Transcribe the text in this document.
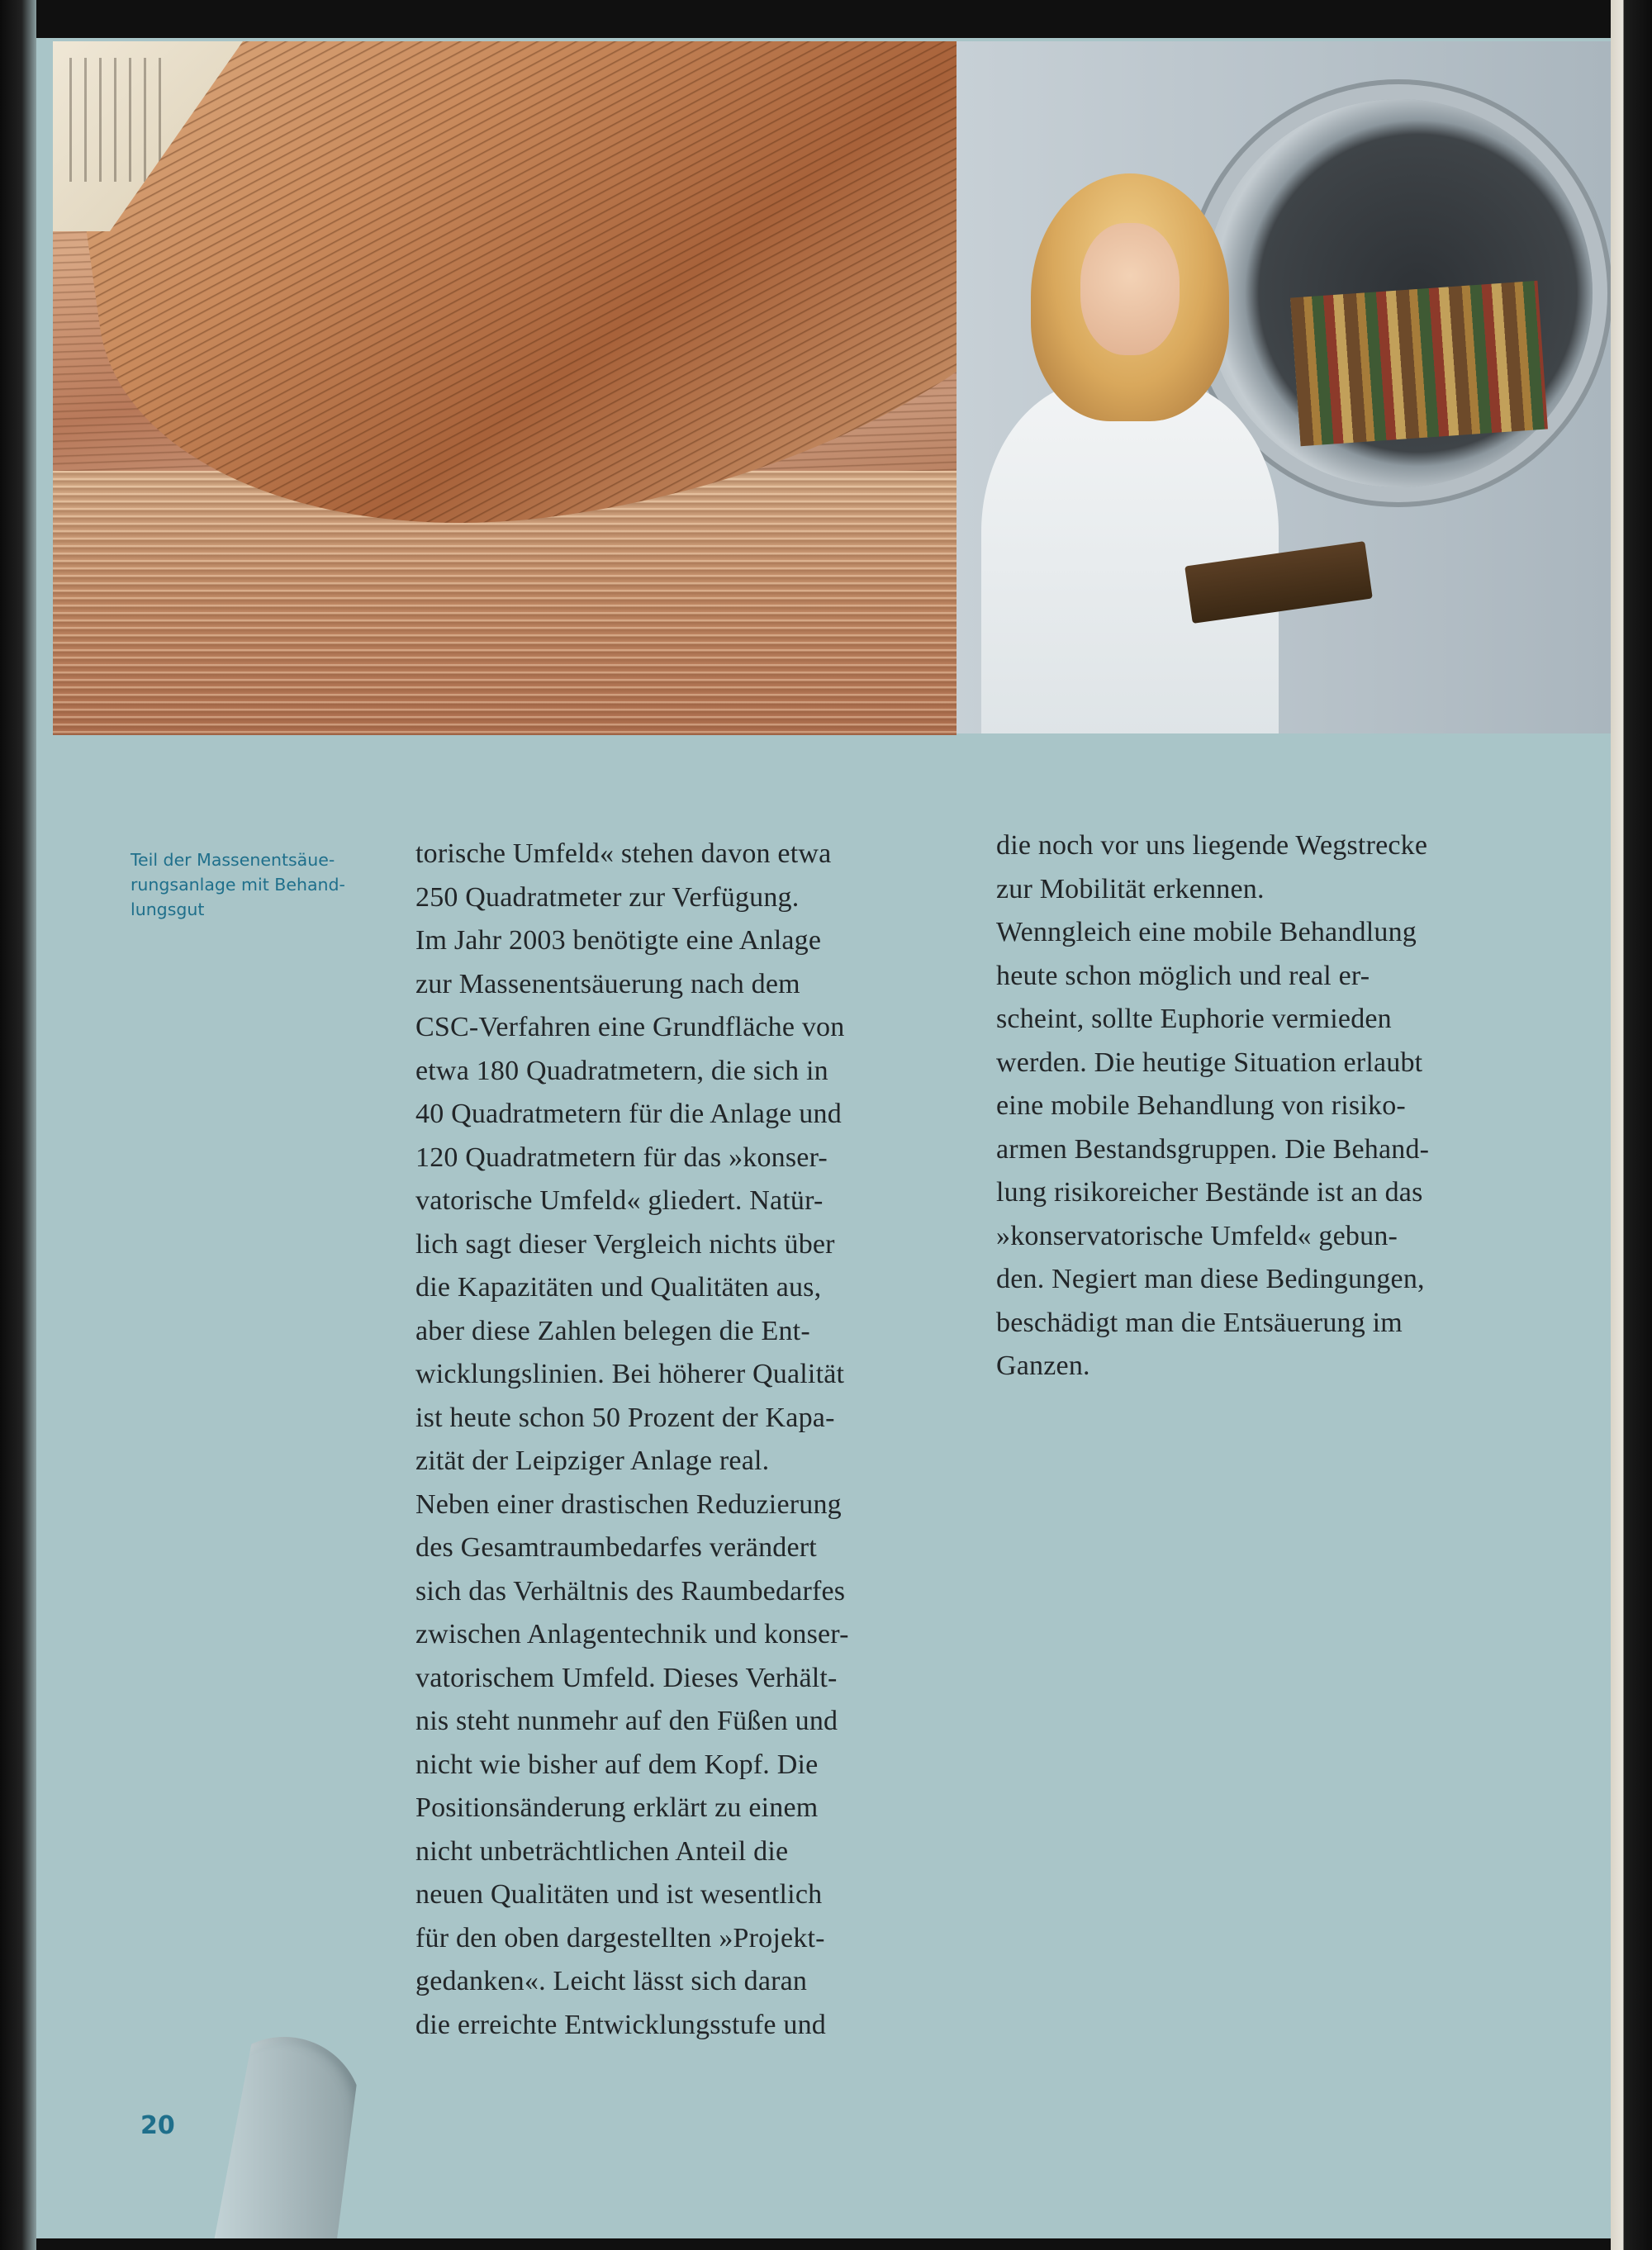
Teil der Massenentsäue-
rungsanlage mit Behand-
lungsgut
torische Umfeld« stehen davon etwa
250 Quadratmeter zur Verfügung.
Im Jahr 2003 benötigte eine Anlage
zur Massenentsäuerung nach dem
CSC-Verfahren eine Grundfläche von
etwa 180 Quadratmetern, die sich in
40 Quadratmetern für die Anlage und
120 Quadratmetern für das »konser-
vatorische Umfeld« gliedert. Natür-
lich sagt dieser Vergleich nichts über
die Kapazitäten und Qualitäten aus,
aber diese Zahlen belegen die Ent-
wicklungslinien. Bei höherer Qualität
ist heute schon 50 Prozent der Kapa-
zität der Leipziger Anlage real.
Neben einer drastischen Reduzierung
des Gesamtraumbedarfes verändert
sich das Verhältnis des Raumbedarfes
zwischen Anlagentechnik und konser-
vatorischem Umfeld. Dieses Verhält-
nis steht nunmehr auf den Füßen und
nicht wie bisher auf dem Kopf. Die
Positionsänderung erklärt zu einem
nicht unbeträchtlichen Anteil die
neuen Qualitäten und ist wesentlich
für den oben dargestellten »Projekt-
gedanken«. Leicht lässt sich daran
die erreichte Entwicklungsstufe und
die noch vor uns liegende Wegstrecke
zur Mobilität erkennen.
Wenngleich eine mobile Behandlung
heute schon möglich und real er-
scheint, sollte Euphorie vermieden
werden. Die heutige Situation erlaubt
eine mobile Behandlung von risiko-
armen Bestandsgruppen. Die Behand-
lung risikoreicher Bestände ist an das
»konservatorische Umfeld« gebun-
den. Negiert man diese Bedingungen,
beschädigt man die Entsäuerung im
Ganzen.
20
